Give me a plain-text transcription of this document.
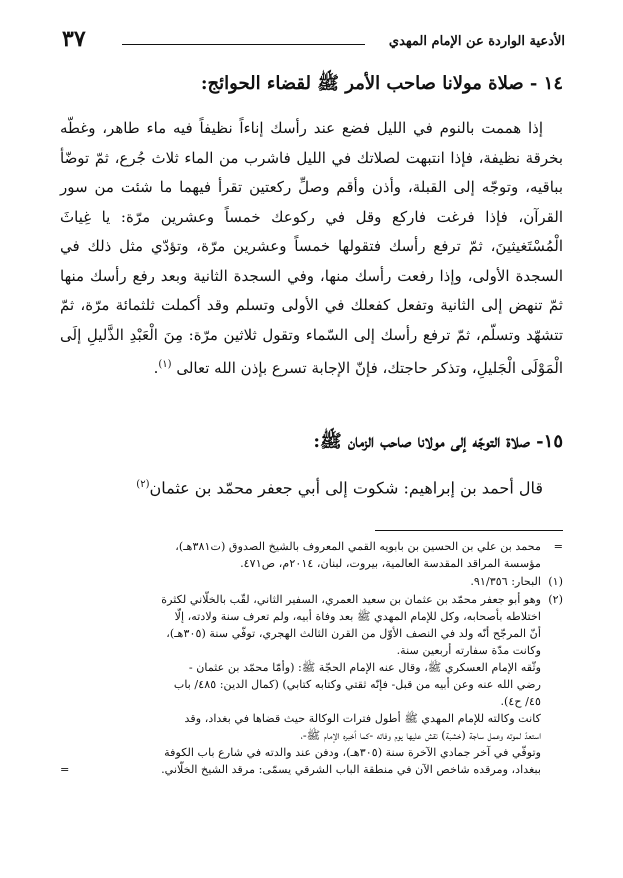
الأدعية الواردة عن الإمام المهدي
٣٧
١٤ - صلاة مولانا صاحب الأمر ﷺ لقضاء الحوائج:
إذا هممت بالنوم في الليل فضع عند رأسك إناءاً نظيفاً فيه ماء طاهر، وغطّه بخرقة نظيفة، فإذا انتبهت لصلاتك في الليل فاشرب من الماء ثلاث جُرع، ثمّ توضّأ بباقيه، وتوجّه إلى القبلة، وأذن وأقم وصلِّ ركعتين تقرأ فيهما ما شئت من سور القرآن، فإذا فرغت فاركع وقل في ركوعك خمساً وعشرين مرّة: يا غِياثَ الْمُسْتَغيثينَ، ثمّ ترفع رأسك فتقولها خمساً وعشرين مرّة، وتؤدّي مثل ذلك في السجدة الأولى، وإذا رفعت رأسك منها، وفي السجدة الثانية وبعد رفع رأسك منها ثمّ تنهض إلى الثانية وتفعل كفعلك في الأولى وتسلم وقد أكملت ثلثمائة مرّة، ثمّ تتشهّد وتسلّم، ثمّ ترفع رأسك إلى السّماء وتقول ثلاثين مرّة: مِنَ الْعَبْدِ الذَّليلِ إلَى الْمَوْلَى الْجَليلِ، وتذكر حاجتك، فإنّ الإجابة تسرع بإذن الله تعالى $^{(١)}$.
١٥- صلاة التوجّه إلى مولانا صاحب الزمان ﷺ:
قال أحمد بن إبراهيم: شكوت إلى أبي جعفر محمّد بن عثمان$^{(٢)}$
=
محمد بن علي بن الحسين بن بابويه القمي المعروف بالشيخ الصدوق (ت٣٨١هـ)،
مؤسسة المراقد المقدسة العالمية، بيروت، لبنان، ٢٠١٤م، ص٤٧١.
(١)
البحار: ٩١/٣٥٦.
(٢)
وهو أبو جعفر محمّد بن عثمان بن سعيد العمري، السفير الثاني، لقّب بالخلّاني لكثرة
اختلاطه بأصحابه، وكل للإمام المهدي ﷺ بعد وفاة أبيه، ولم تعرف سنة ولادته، إلّا
أنّ المرجّح أنّه ولد في النصف الأوّل من القرن الثالث الهجري، توفّي سنة (٣٠٥هـ)،
وكانت مدّة سفارته أربعين سنة.
وثّقه الإمام العسكري ﷺ، وقال عنه الإمام الحجّة ﷺ: (وأمّا محمّد بن عثمان -
رضي الله عنه وعن أبيه من قبل- فإنّه ثقتي وكتابه كتابي) (كمال الدين: ٤٨٥/ باب
٤٥/ ح٤).
كانت وكالته للإمام المهدي ﷺ أطول فترات الوكالة حيث قضاها في بغداد، وقد
استعدّ لموته وعمل ساجة (خشبة) نقش عليها يوم وفاته -كما أخبره الإمام ﷺ-،
وتوفّي في آخر جمادي الآخرة سنة (٣٠٥هـ)، ودفن عند والدته في شارع باب الكوفة
ببغداد، ومرقده شاخص الآن في منطقة الباب الشرقي يسمّى: مرقد الشيخ الخلّاني.
=
